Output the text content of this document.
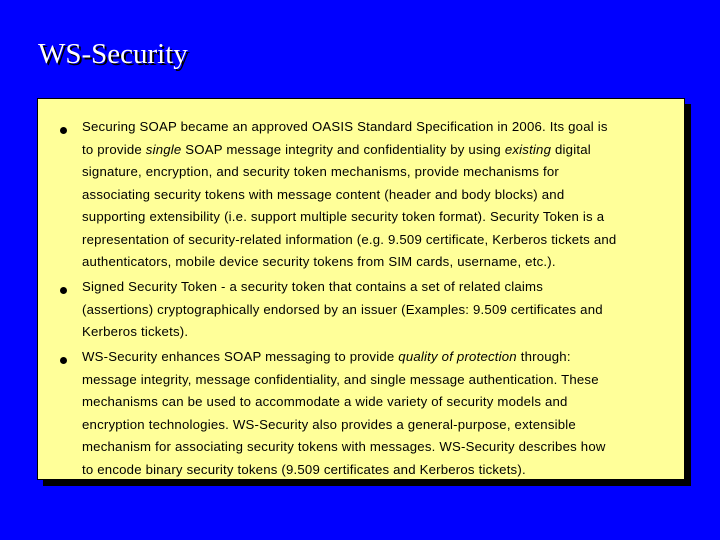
WS-Security
Securing SOAP became an approved OASIS Standard Specification in 2006. Its goal is
to provide single SOAP message integrity and confidentiality by using existing digital
signature, encryption, and security token mechanisms, provide mechanisms for
associating security tokens with message content (header and body blocks) and
supporting extensibility (i.e. support multiple security token format). Security Token is a
representation of security-related information (e.g. 9.509 certificate, Kerberos tickets and
authenticators, mobile device security tokens from SIM cards, username, etc.).
Signed Security Token - a security token that contains a set of related claims
(assertions) cryptographically endorsed by an issuer (Examples: 9.509 certificates and
Kerberos tickets).
WS-Security enhances SOAP messaging to provide quality of protection through:
message integrity, message confidentiality, and single message authentication. These
mechanisms can be used to accommodate a wide variety of security models and
encryption technologies. WS-Security also provides a general-purpose, extensible
mechanism for associating security tokens with messages. WS-Security describes how
to encode binary security tokens (9.509 certificates and Kerberos tickets).
